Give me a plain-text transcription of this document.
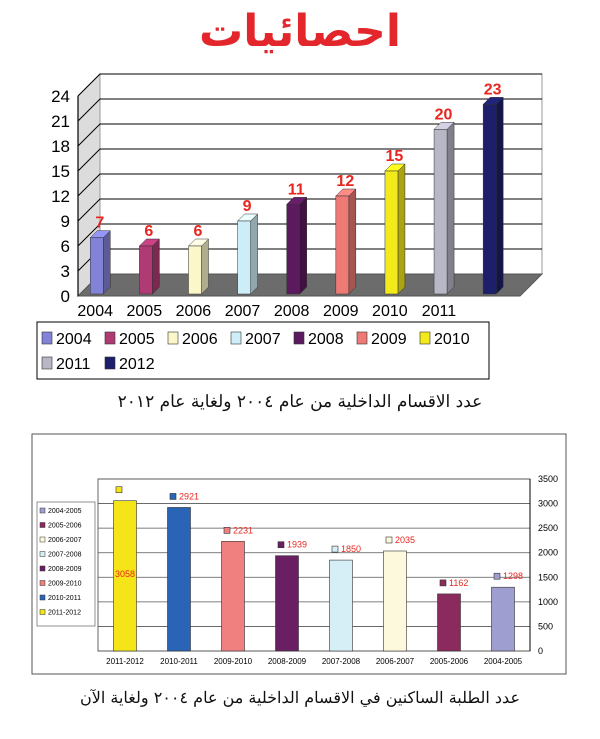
احصائيات
0
3
6
9
12
15
18
21
24
7	6	6
9
11 12
15
20
23
2004 2005 2006 2007 2008 2009 2010 2011
2004 2005 2006 2007 2008 2009 2010
2011 2012
عدد الاقسام الداخلية من عام ٢٠٠٤ ولغاية عام ٢٠١٢
0
500
1000
1500
2000
2500
3000
3500
3058
2011-2012
2921
2010-2011
2231
2009-2010
1939
2008-2009
1850
2007-2008
2035
2006-2007
1162
2005-2006
1298
2004-2005
2004-2005
2005-2006
2006-2007
2007-2008
2008-2009
2009-2010
2010-2011
2011-2012
عدد الطلبة الساكنين في الاقسام الداخلية من عام ٢٠٠٤ ولغاية الآن
